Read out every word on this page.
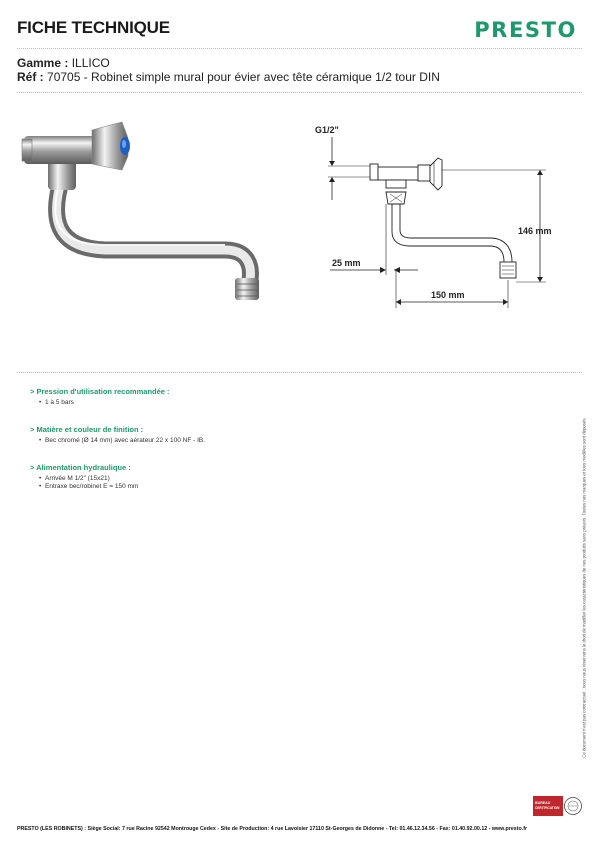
FICHE TECHNIQUE	PRESTO
Gamme : ILLICO
Réf : 70705 - Robinet simple mural pour évier avec tête céramique 1/2 tour DIN
G1/2"
146 mm
25 mm
150 mm
> Pression d'utilisation recommandée :
• 1 à 5 bars
> Matière et couleur de finition :
• Bec chromé (Ø 14 mm) avec aérateur 22 x 100 NF - IB.
> Alimentation hydraulique :
• Arrivée M 1/2" (15x21)
• Entraxe bec/robinet E = 150 mm	Ce document n'est pas contractuel ; nous nous réservons le droit de modifier les caractéristiques de nos produits sans préavis. Toutes nos marques et tous modèles sont déposés.
BUREAU
CERTIFICATION
PRESTO (LES ROBINETS) : Siège Social: 7 rue Racine 92542 Montrouge Cedex - Site de Production: 4 rue Lavoisier 17110 St-Georges de Didonne - Tel: 01.46.12.34.56 - Fax: 01.40.92.00.12 - www.presto.fr
